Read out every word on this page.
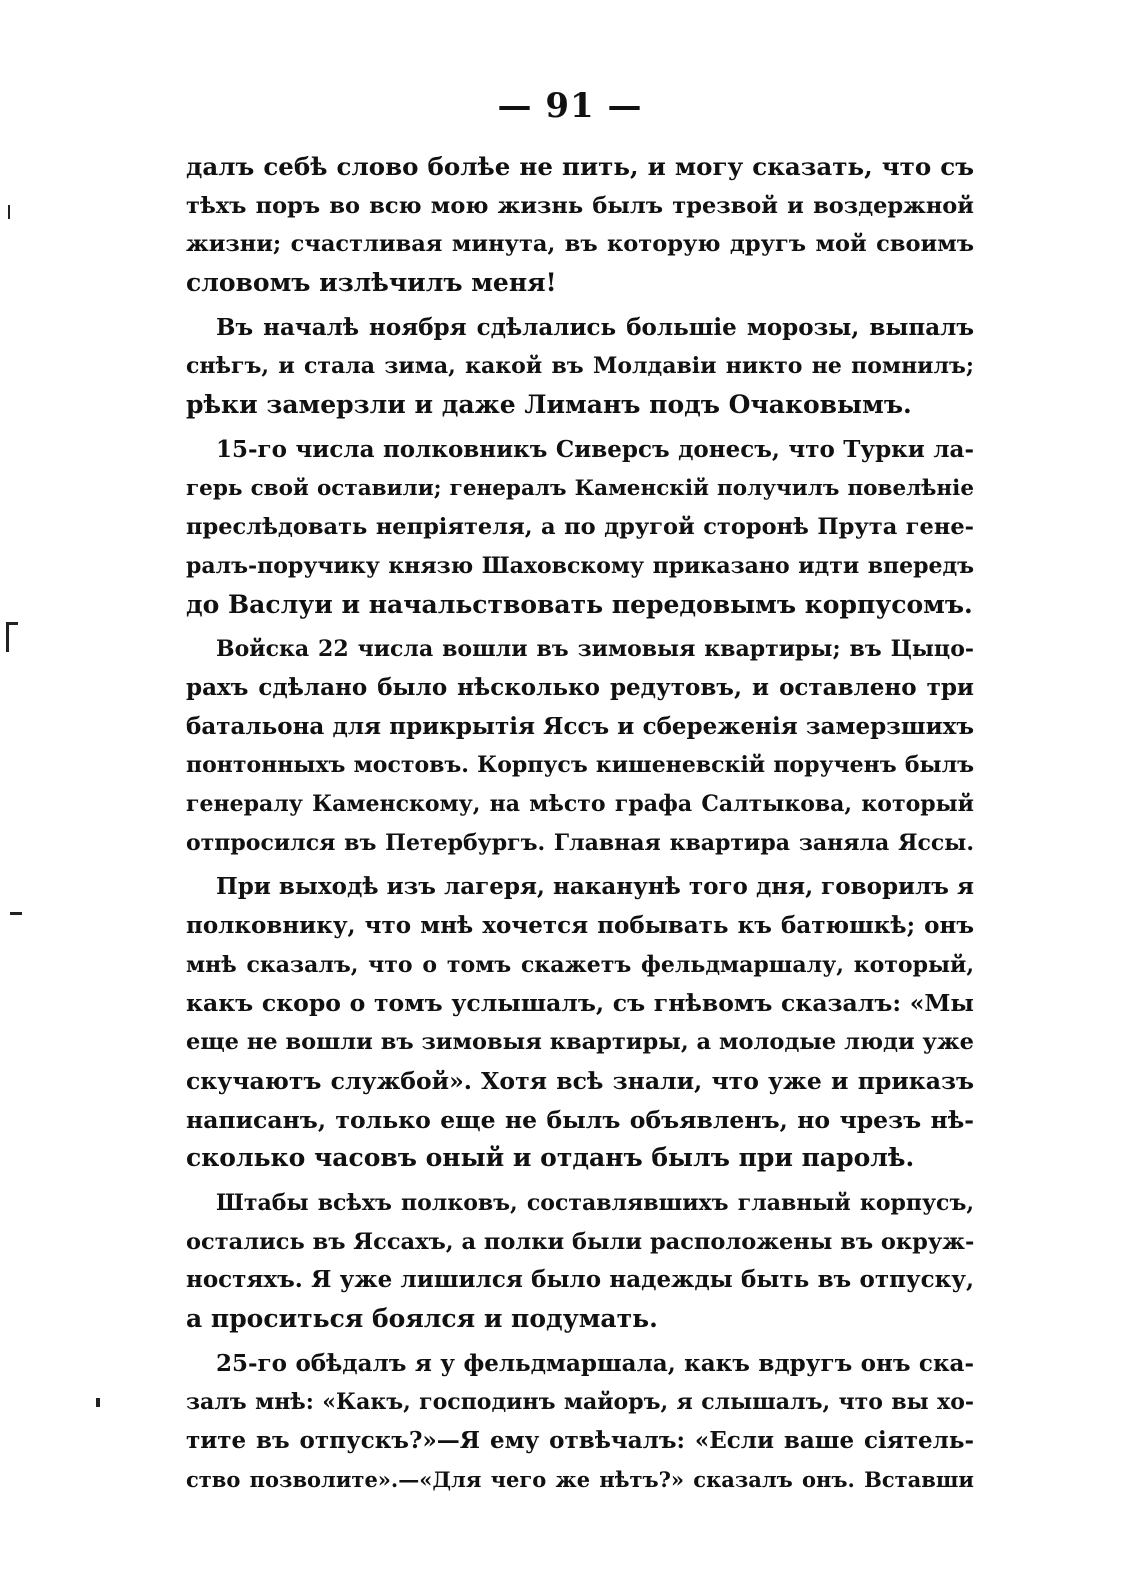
— 91 —
далъ себѣ слово болѣе не пить, и могу сказать, что съ
тѣхъ поръ во всю мою жизнь былъ трезвой и воздержной
жизни; счастливая минута, въ которую другъ мой своимъ
словомъ излѣчилъ меня!
Въ началѣ ноября сдѣлались большіе морозы, выпалъ
снѣгъ, и стала зима, какой въ Молдавіи никто не помнилъ;
рѣки замерзли и даже Лиманъ подъ Очаковымъ.
15-го числа полковникъ Сиверсъ донесъ, что Турки ла-
герь свой оставили; генералъ Каменскій получилъ повелѣніе
преслѣдовать непріятеля, а по другой сторонѣ Прута гене-
ралъ-поручику князю Шаховскому приказано идти впередъ
до Васлуи и начальствовать передовымъ корпусомъ.
Войска 22 числа вошли въ зимовыя квартиры; въ Цыцо-
рахъ сдѣлано было нѣсколько редутовъ, и оставлено три
батальона для прикрытія Яссъ и сбереженія замерзшихъ
понтонныхъ мостовъ. Корпусъ кишеневскій порученъ былъ
генералу Каменскому, на мѣсто графа Салтыкова, который
отпросился въ Петербургъ. Главная квартира заняла Яссы.
При выходѣ изъ лагеря, наканунѣ того дня, говорилъ я
полковнику, что мнѣ хочется побывать къ батюшкѣ; онъ
мнѣ сказалъ, что о томъ скажетъ фельдмаршалу, который,
какъ скоро о томъ услышалъ, съ гнѣвомъ сказалъ: «Мы
еще не вошли въ зимовыя квартиры, а молодые люди уже
скучаютъ службой». Хотя всѣ знали, что уже и приказъ
написанъ, только еще не былъ объявленъ, но чрезъ нѣ-
сколько часовъ оный и отданъ былъ при паролѣ.
Штабы всѣхъ полковъ, составлявшихъ главный корпусъ,
остались въ Яссахъ, а полки были расположены въ окруж-
ностяхъ. Я уже лишился было надежды быть въ отпуску,
а проситься боялся и подумать.
25-го обѣдалъ я у фельдмаршала, какъ вдругъ онъ ска-
залъ мнѣ: «Какъ, господинъ майоръ, я слышалъ, что вы хо-
тите въ отпускъ?»—Я ему отвѣчалъ: «Если ваше сіятель-
ство позволите».—«Для чего же нѣтъ?» сказалъ онъ. Вставши
